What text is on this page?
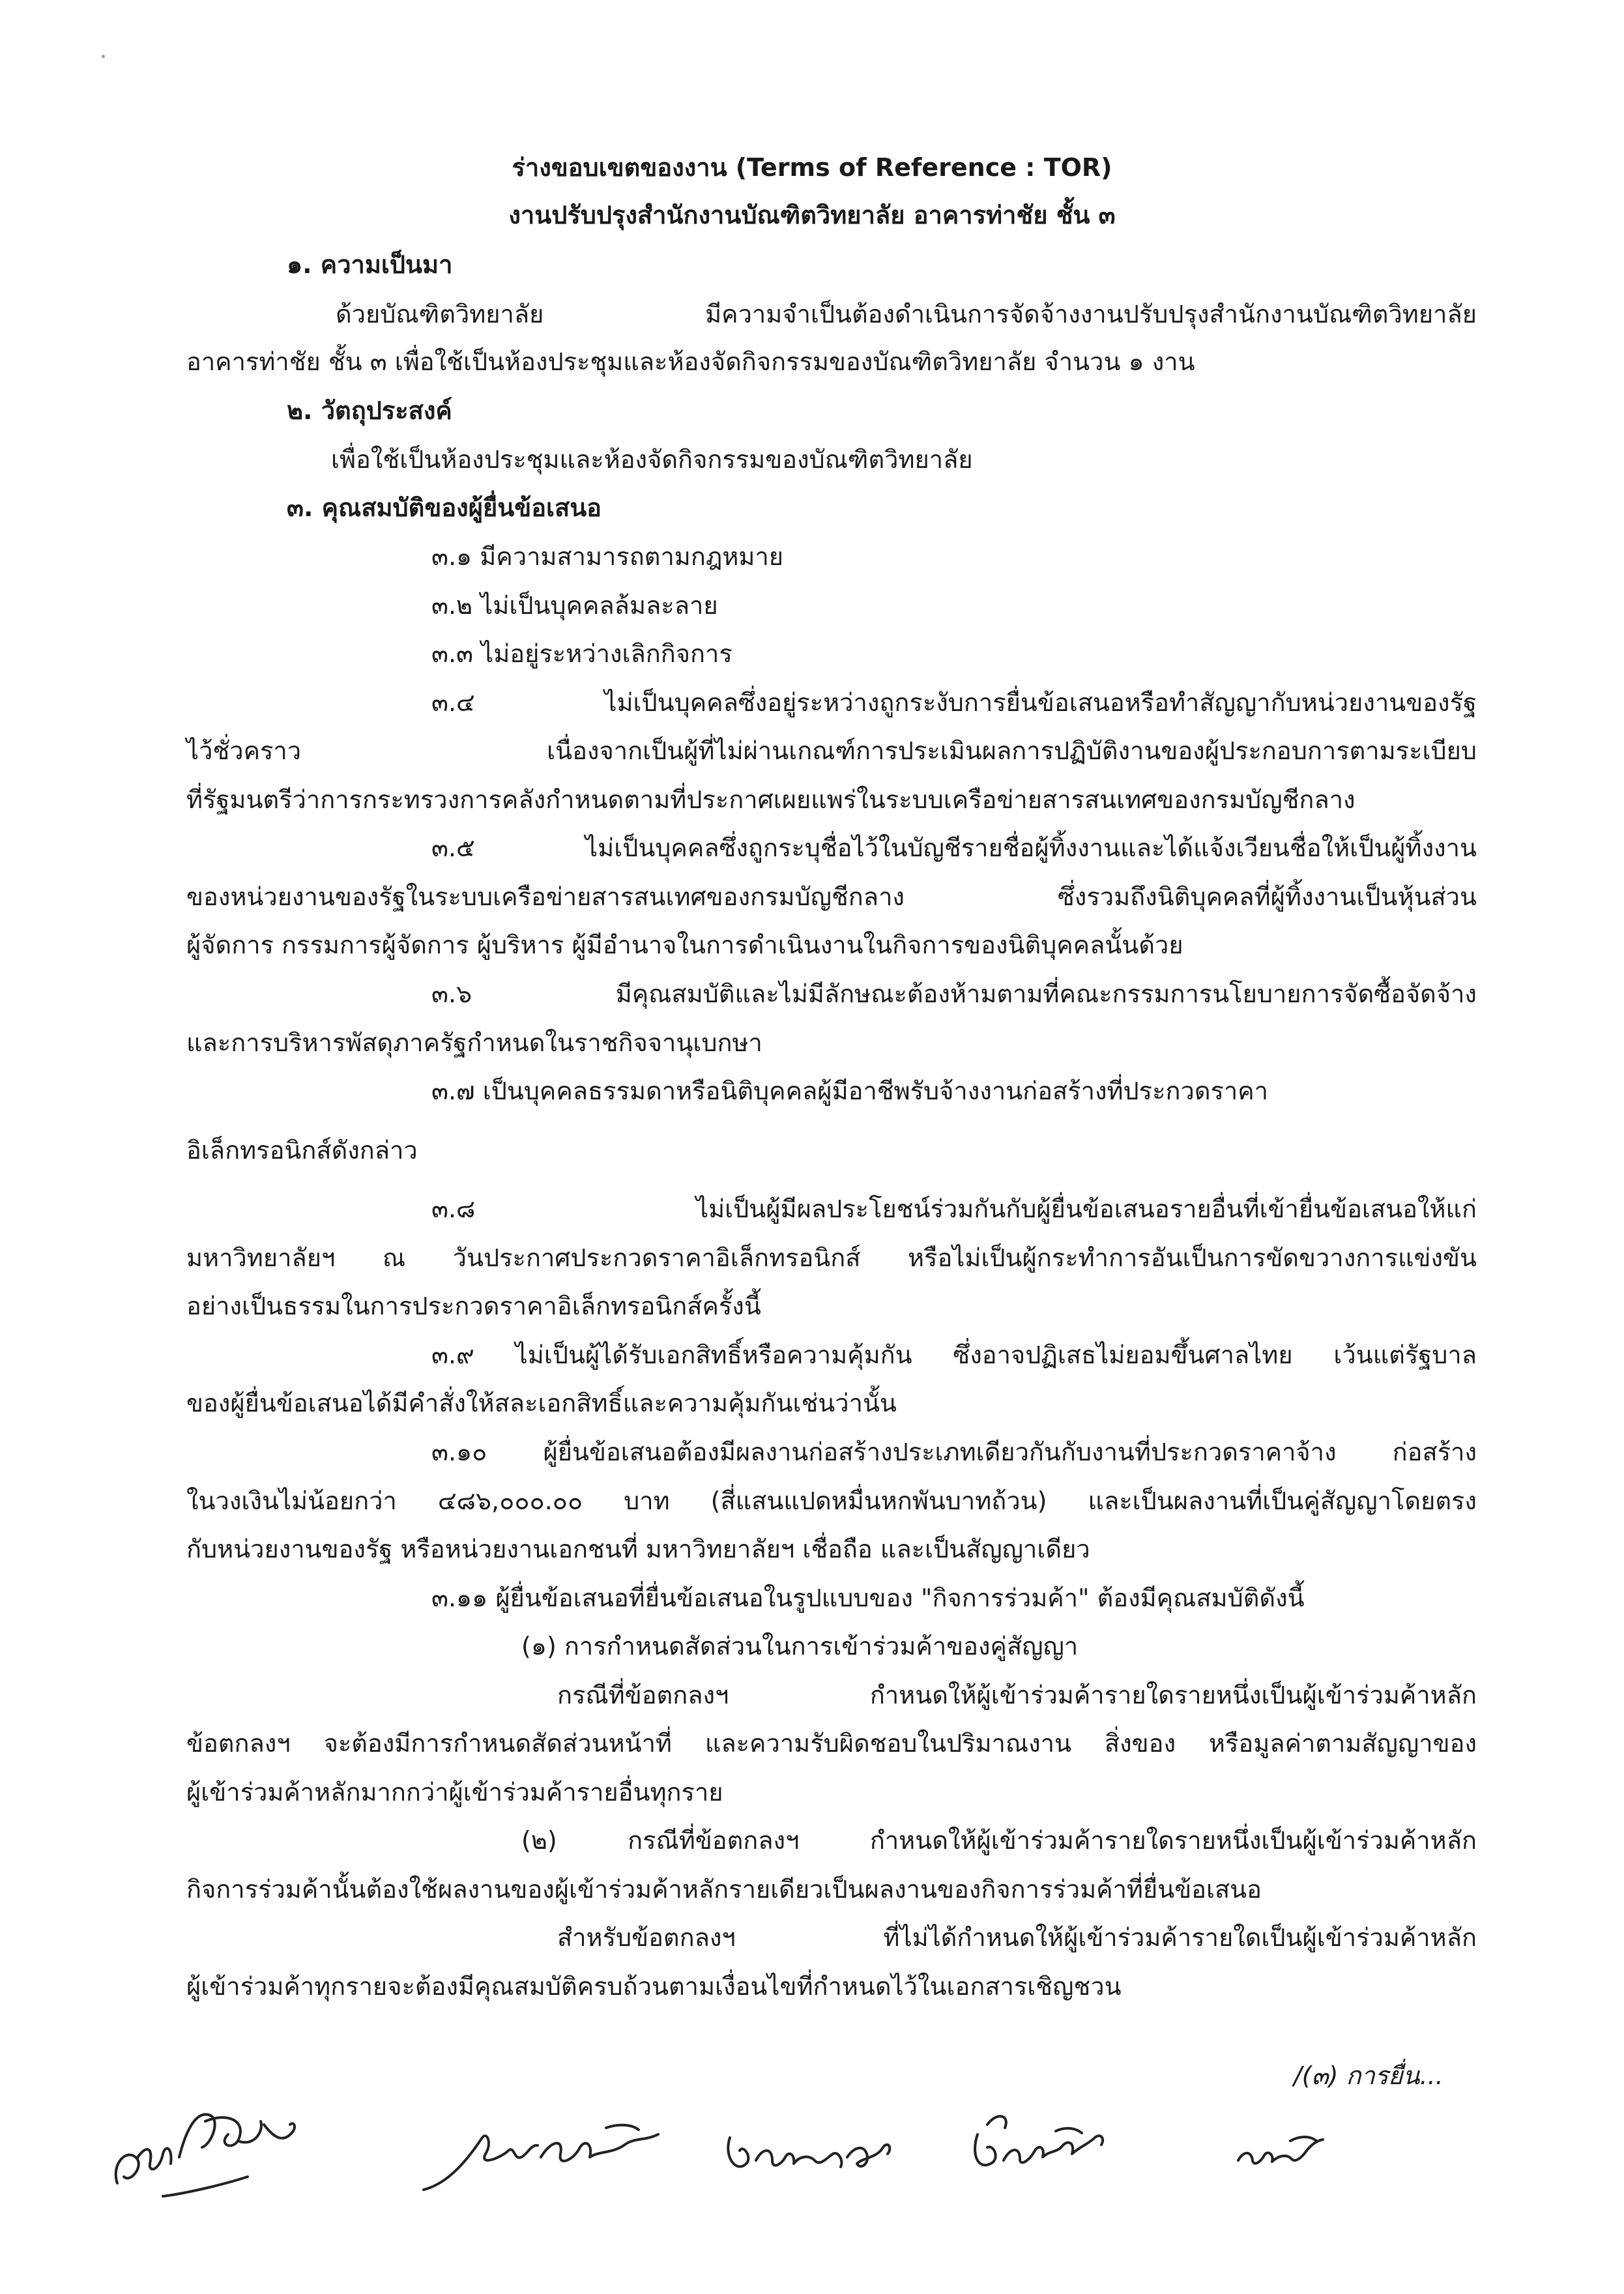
ร่างขอบเขตของงาน (Terms of Reference : TOR)

งานปรับปรุงสำนักงานบัณฑิตวิทยาลัย อาคารท่าชัย ชั้น ๓

๑. ความเป็นมา

ด้วยบัณฑิตวิทยาลัย มีความจำเป็นต้องดำเนินการจัดจ้างงานปรับปรุงสำนักงานบัณฑิตวิทยาลัย

อาคารท่าชัย ชั้น ๓ เพื่อใช้เป็นห้องประชุมและห้องจัดกิจกรรมของบัณฑิตวิทยาลัย จำนวน ๑ งาน

๒. วัตถุประสงค์

เพื่อใช้เป็นห้องประชุมและห้องจัดกิจกรรมของบัณฑิตวิทยาลัย

๓. คุณสมบัติของผู้ยื่นข้อเสนอ

๓.๑ มีความสามารถตามกฎหมาย

๓.๒ ไม่เป็นบุคคลล้มละลาย

๓.๓ ไม่อยู่ระหว่างเลิกกิจการ

๓.๔ ไม่เป็นบุคคลซึ่งอยู่ระหว่างถูกระงับการยื่นข้อเสนอหรือทำสัญญากับหน่วยงานของรัฐ

ไว้ชั่วคราว เนื่องจากเป็นผู้ที่ไม่ผ่านเกณฑ์การประเมินผลการปฏิบัติงานของผู้ประกอบการตามระเบียบ

ที่รัฐมนตรีว่าการกระทรวงการคลังกำหนดตามที่ประกาศเผยแพร่ในระบบเครือข่ายสารสนเทศของกรมบัญชีกลาง

๓.๕ ไม่เป็นบุคคลซึ่งถูกระบุชื่อไว้ในบัญชีรายชื่อผู้ทิ้งงานและได้แจ้งเวียนชื่อให้เป็นผู้ทิ้งงาน

ของหน่วยงานของรัฐในระบบเครือข่ายสารสนเทศของกรมบัญชีกลาง ซึ่งรวมถึงนิติบุคคลที่ผู้ทิ้งงานเป็นหุ้นส่วน

ผู้จัดการ กรรมการผู้จัดการ ผู้บริหาร ผู้มีอำนาจในการดำเนินงานในกิจการของนิติบุคคลนั้นด้วย

๓.๖ มีคุณสมบัติและไม่มีลักษณะต้องห้ามตามที่คณะกรรมการนโยบายการจัดซื้อจัดจ้าง

และการบริหารพัสดุภาครัฐกำหนดในราชกิจจานุเบกษา

๓.๗ เป็นบุคคลธรรมดาหรือนิติบุคคลผู้มีอาชีพรับจ้างงานก่อสร้างที่ประกวดราคา

อิเล็กทรอนิกส์ดังกล่าว

๓.๘ ไม่เป็นผู้มีผลประโยชน์ร่วมกันกับผู้ยื่นข้อเสนอรายอื่นที่เข้ายื่นข้อเสนอให้แก่

มหาวิทยาลัยฯ ณ วันประกาศประกวดราคาอิเล็กทรอนิกส์ หรือไม่เป็นผู้กระทำการอันเป็นการขัดขวางการแข่งขัน

อย่างเป็นธรรมในการประกวดราคาอิเล็กทรอนิกส์ครั้งนี้

๓.๙ ไม่เป็นผู้ได้รับเอกสิทธิ์หรือความคุ้มกัน ซึ่งอาจปฏิเสธไม่ยอมขึ้นศาลไทย เว้นแต่รัฐบาล

ของผู้ยื่นข้อเสนอได้มีคำสั่งให้สละเอกสิทธิ์และความคุ้มกันเช่นว่านั้น

๓.๑๐ ผู้ยื่นข้อเสนอต้องมีผลงานก่อสร้างประเภทเดียวกันกับงานที่ประกวดราคาจ้าง ก่อสร้าง

ในวงเงินไม่น้อยกว่า ๔๘๖,๐๐๐.๐๐ บาท (สี่แสนแปดหมื่นหกพันบาทถ้วน) และเป็นผลงานที่เป็นคู่สัญญาโดยตรง

กับหน่วยงานของรัฐ หรือหน่วยงานเอกชนที่ มหาวิทยาลัยฯ เชื่อถือ และเป็นสัญญาเดียว

๓.๑๑ ผู้ยื่นข้อเสนอที่ยื่นข้อเสนอในรูปแบบของ "กิจการร่วมค้า" ต้องมีคุณสมบัติดังนี้

(๑) การกำหนดสัดส่วนในการเข้าร่วมค้าของคู่สัญญา

กรณีที่ข้อตกลงฯ กำหนดให้ผู้เข้าร่วมค้ารายใดรายหนึ่งเป็นผู้เข้าร่วมค้าหลัก

ข้อตกลงฯ จะต้องมีการกำหนดสัดส่วนหน้าที่ และความรับผิดชอบในปริมาณงาน สิ่งของ หรือมูลค่าตามสัญญาของ

ผู้เข้าร่วมค้าหลักมากกว่าผู้เข้าร่วมค้ารายอื่นทุกราย

(๒) กรณีที่ข้อตกลงฯ กำหนดให้ผู้เข้าร่วมค้ารายใดรายหนึ่งเป็นผู้เข้าร่วมค้าหลัก

กิจการร่วมค้านั้นต้องใช้ผลงานของผู้เข้าร่วมค้าหลักรายเดียวเป็นผลงานของกิจการร่วมค้าที่ยื่นข้อเสนอ

สำหรับข้อตกลงฯ ที่ไม่ได้กำหนดให้ผู้เข้าร่วมค้ารายใดเป็นผู้เข้าร่วมค้าหลัก

ผู้เข้าร่วมค้าทุกรายจะต้องมีคุณสมบัติครบถ้วนตามเงื่อนไขที่กำหนดไว้ในเอกสารเชิญชวน

/(๓) การยื่น...
